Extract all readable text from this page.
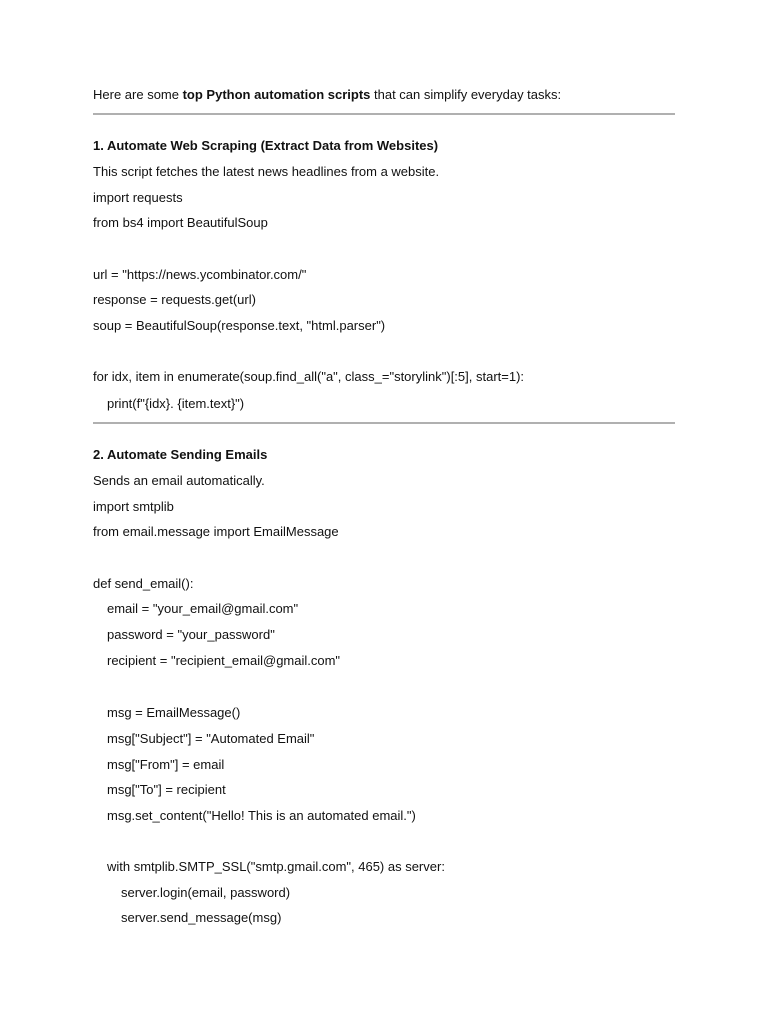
Here are some top Python automation scripts that can simplify everyday tasks:
1. Automate Web Scraping (Extract Data from Websites)
This script fetches the latest news headlines from a website.
import requests
from bs4 import BeautifulSoup
url = "https://news.ycombinator.com/"
response = requests.get(url)
soup = BeautifulSoup(response.text, "html.parser")
for idx, item in enumerate(soup.find_all("a", class_="storylink")[:5], start=1):
print(f"{idx}. {item.text}")
2. Automate Sending Emails
Sends an email automatically.
import smtplib
from email.message import EmailMessage
def send_email():
email = "your_email@gmail.com"
password = "your_password"
recipient = "recipient_email@gmail.com"
msg = EmailMessage()
msg["Subject"] = "Automated Email"
msg["From"] = email
msg["To"] = recipient
msg.set_content("Hello! This is an automated email.")
with smtplib.SMTP_SSL("smtp.gmail.com", 465) as server:
server.login(email, password)
server.send_message(msg)
